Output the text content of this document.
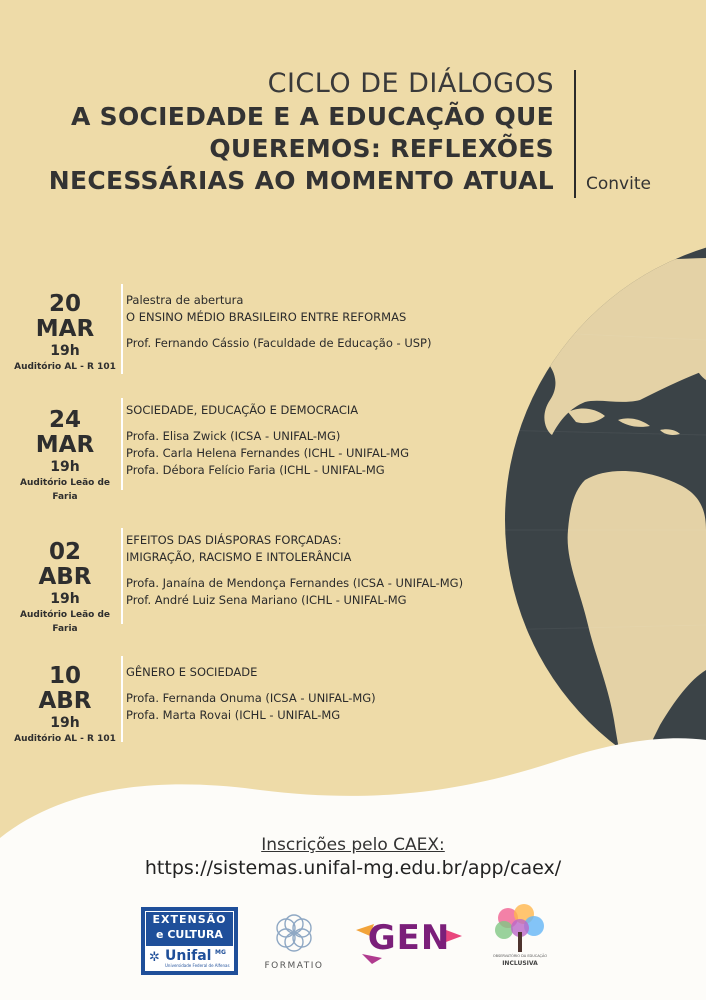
CICLO DE DIÁLOGOS
A SOCIEDADE E A EDUCAÇÃO QUE
QUEREMOS: REFLEXÕES
NECESSÁRIAS AO MOMENTO ATUAL Convite
20
MAR
19h
Auditório AL - R 101
Palestra de abertura
O ENSINO MÉDIO BRASILEIRO ENTRE REFORMAS
Prof. Fernando Cássio (Faculdade de Educação - USP)
24
MAR
19h
Auditório Leão de Faria
SOCIEDADE, EDUCAÇÃO E DEMOCRACIA
Profa. Elisa Zwick (ICSA - UNIFAL-MG)
Profa. Carla Helena Fernandes (ICHL - UNIFAL-MG
Profa. Débora Felício Faria (ICHL - UNIFAL-MG
02
ABR
19h
Auditório Leão de Faria
EFEITOS DAS DIÁSPORAS FORÇADAS:
IMIGRAÇÃO, RACISMO E INTOLERÂNCIA
Profa. Janaína de Mendonça Fernandes (ICSA - UNIFAL-MG)
Prof. André Luiz Sena Mariano (ICHL - UNIFAL-MG
10
ABR
19h
Auditório AL - R 101
GÊNERO E SOCIEDADE
Profa. Fernanda Onuma (ICSA - UNIFAL-MG)
Profa. Marta Rovai (ICHL - UNIFAL-MG
Inscrições pelo CAEX:
https://sistemas.unifal-mg.edu.br/app/caex/
EXTENSÃO
e CULTURA
✲ Unifal MG
Universidade Federal de Alfenas	FORMATIO
GEN	OBSERVATÓRIO DA EDUCAÇÃO
INCLUSIVA
